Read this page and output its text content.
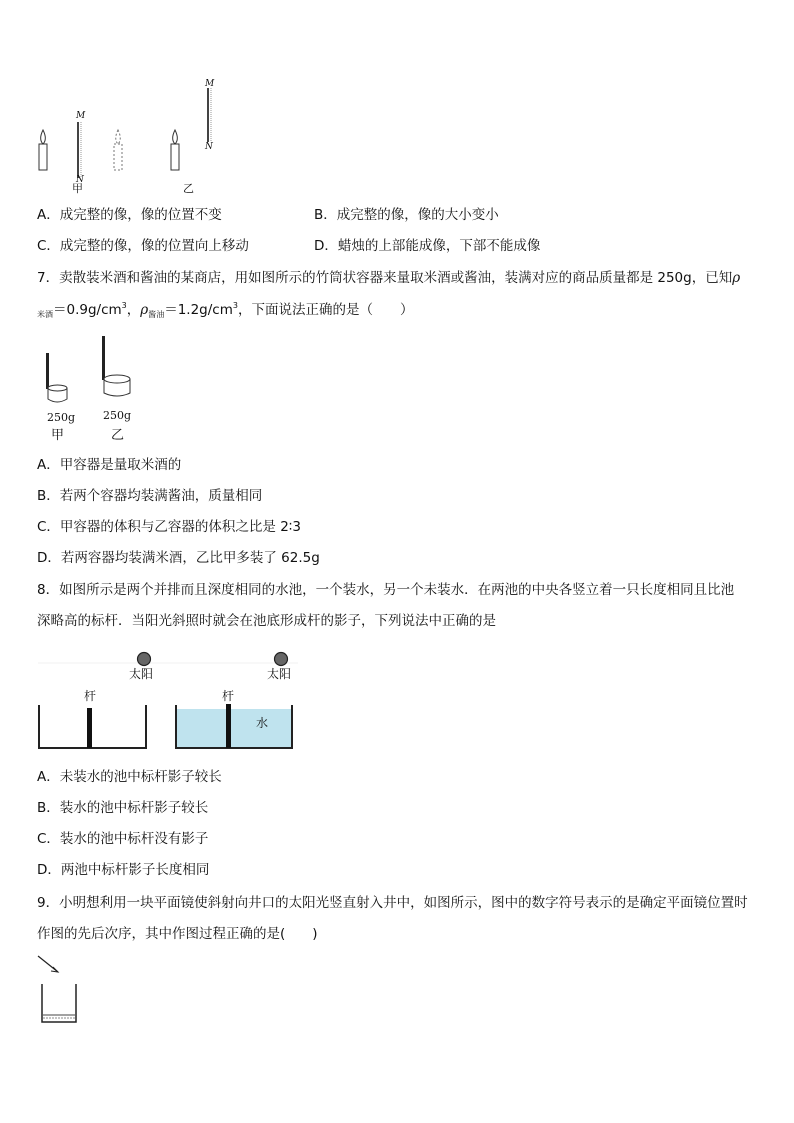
M
N
M
N
甲	乙
A．成完整的像，像的位置不变	B．成完整的像，像的大小变小
C．成完整的像，像的位置向上移动	D．蜡烛的上部能成像，下部不能成像
7．卖散装米酒和酱油的某商店，用如图所示的竹筒状容器来量取米酒或酱油，装满对应的商品质量都是 250g，已知ρ
$_{米酒}=0.9g/cm^3$，$\rho_{酱油}=1.2g/cm^3$，下面说法正确的是（　　）
250g	250g
甲	乙
A．甲容器是量取米酒的
B．若两个容器均装满酱油，质量相同
C．甲容器的体积与乙容器的体积之比是 2∶3
D．若两容器均装满米酒，乙比甲多装了 62.5g
8．如图所示是两个并排而且深度相同的水池，一个装水，另一个未装水．在两池的中央各竖立着一只长度相同且比池
深略高的标杆．当阳光斜照时就会在池底形成杆的影子，下列说法中正确的是
太阳	太阳
杆	杆
水
A．未装水的池中标杆影子较长
B．装水的池中标杆影子较长
C．装水的池中标杆没有影子
D．两池中标杆影子长度相同
9．小明想利用一块平面镜使斜射向井口的太阳光竖直射入井中，如图所示，图中的数字符号表示的是确定平面镜位置时
作图的先后次序，其中作图过程正确的是(　　)
